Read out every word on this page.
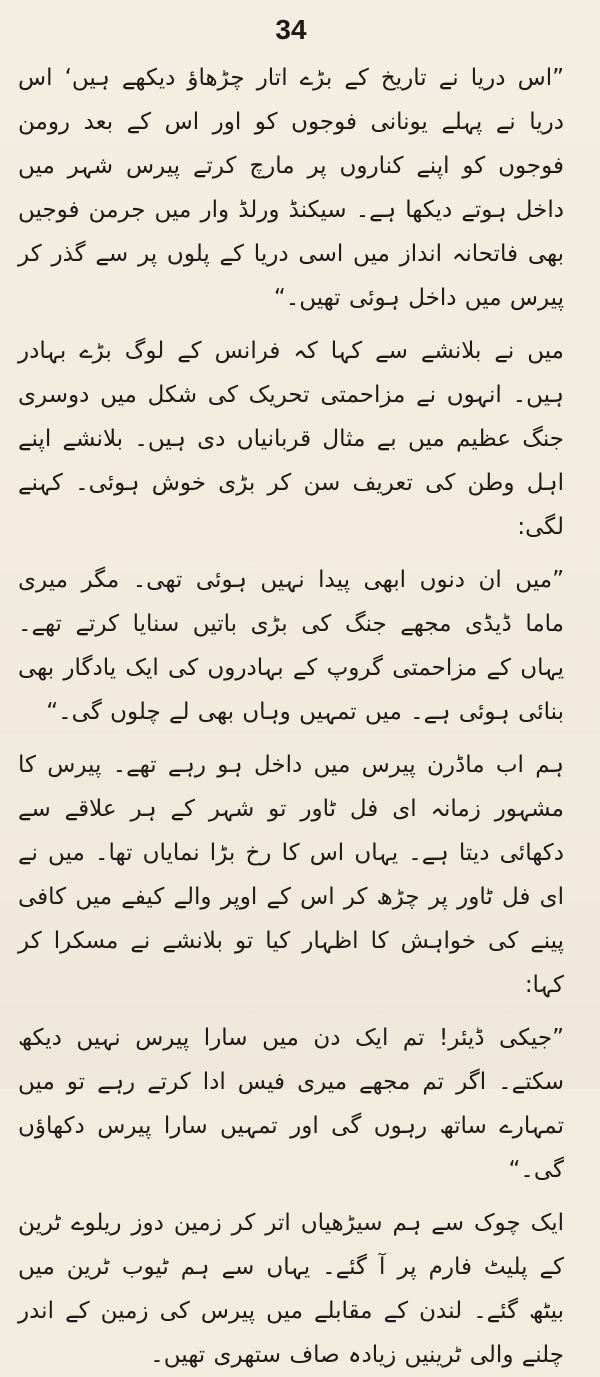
34

”اس دریا نے تاریخ کے بڑے اتار چڑھاؤ دیکھے ہیں‘ اس دریا نے پہلے یونانی فوجوں کو اور اس کے بعد رومن فوجوں کو اپنے کناروں پر مارچ کرتے پیرس شہر میں داخل ہوتے دیکھا ہے۔ سیکنڈ ورلڈ وار میں جرمن فوجیں بھی فاتحانہ انداز میں اسی دریا کے پلوں پر سے گذر کر پیرس میں داخل ہوئی تھیں۔“

میں نے بلانشے سے کہا کہ فرانس کے لوگ بڑے بہادر ہیں۔ انہوں نے مزاحمتی تحریک کی شکل میں دوسری جنگ عظیم میں بے مثال قربانیاں دی ہیں۔ بلانشے اپنے اہل وطن کی تعریف سن کر بڑی خوش ہوئی۔ کہنے لگی:

”میں ان دنوں ابھی پیدا نہیں ہوئی تھی۔ مگر میری ماما ڈیڈی مجھے جنگ کی بڑی باتیں سنایا کرتے تھے۔ یہاں کے مزاحمتی گروپ کے بہادروں کی ایک یادگار بھی بنائی ہوئی ہے۔ میں تمہیں وہاں بھی لے چلوں گی۔“

ہم اب ماڈرن پیرس میں داخل ہو رہے تھے۔ پیرس کا مشہور زمانہ ای فل ٹاور تو شہر کے ہر علاقے سے دکھائی دیتا ہے۔ یہاں اس کا رخ بڑا نمایاں تھا۔ میں نے ای فل ٹاور پر چڑھ کر اس کے اوپر والے کیفے میں کافی پینے کی خواہش کا اظہار کیا تو بلانشے نے مسکرا کر کہا:

”جیکی ڈیئر! تم ایک دن میں سارا پیرس نہیں دیکھ سکتے۔ اگر تم مجھے میری فیس ادا کرتے رہے تو میں تمہارے ساتھ رہوں گی اور تمہیں سارا پیرس دکھاؤں گی۔“

ایک چوک سے ہم سیڑھیاں اتر کر زمین دوز ریلوے ٹرین کے پلیٹ فارم پر آ گئے۔ یہاں سے ہم ٹیوب ٹرین میں بیٹھ گئے۔ لندن کے مقابلے میں پیرس کی زمین کے اندر چلنے والی ٹرینیں زیادہ صاف ستھری تھیں۔
